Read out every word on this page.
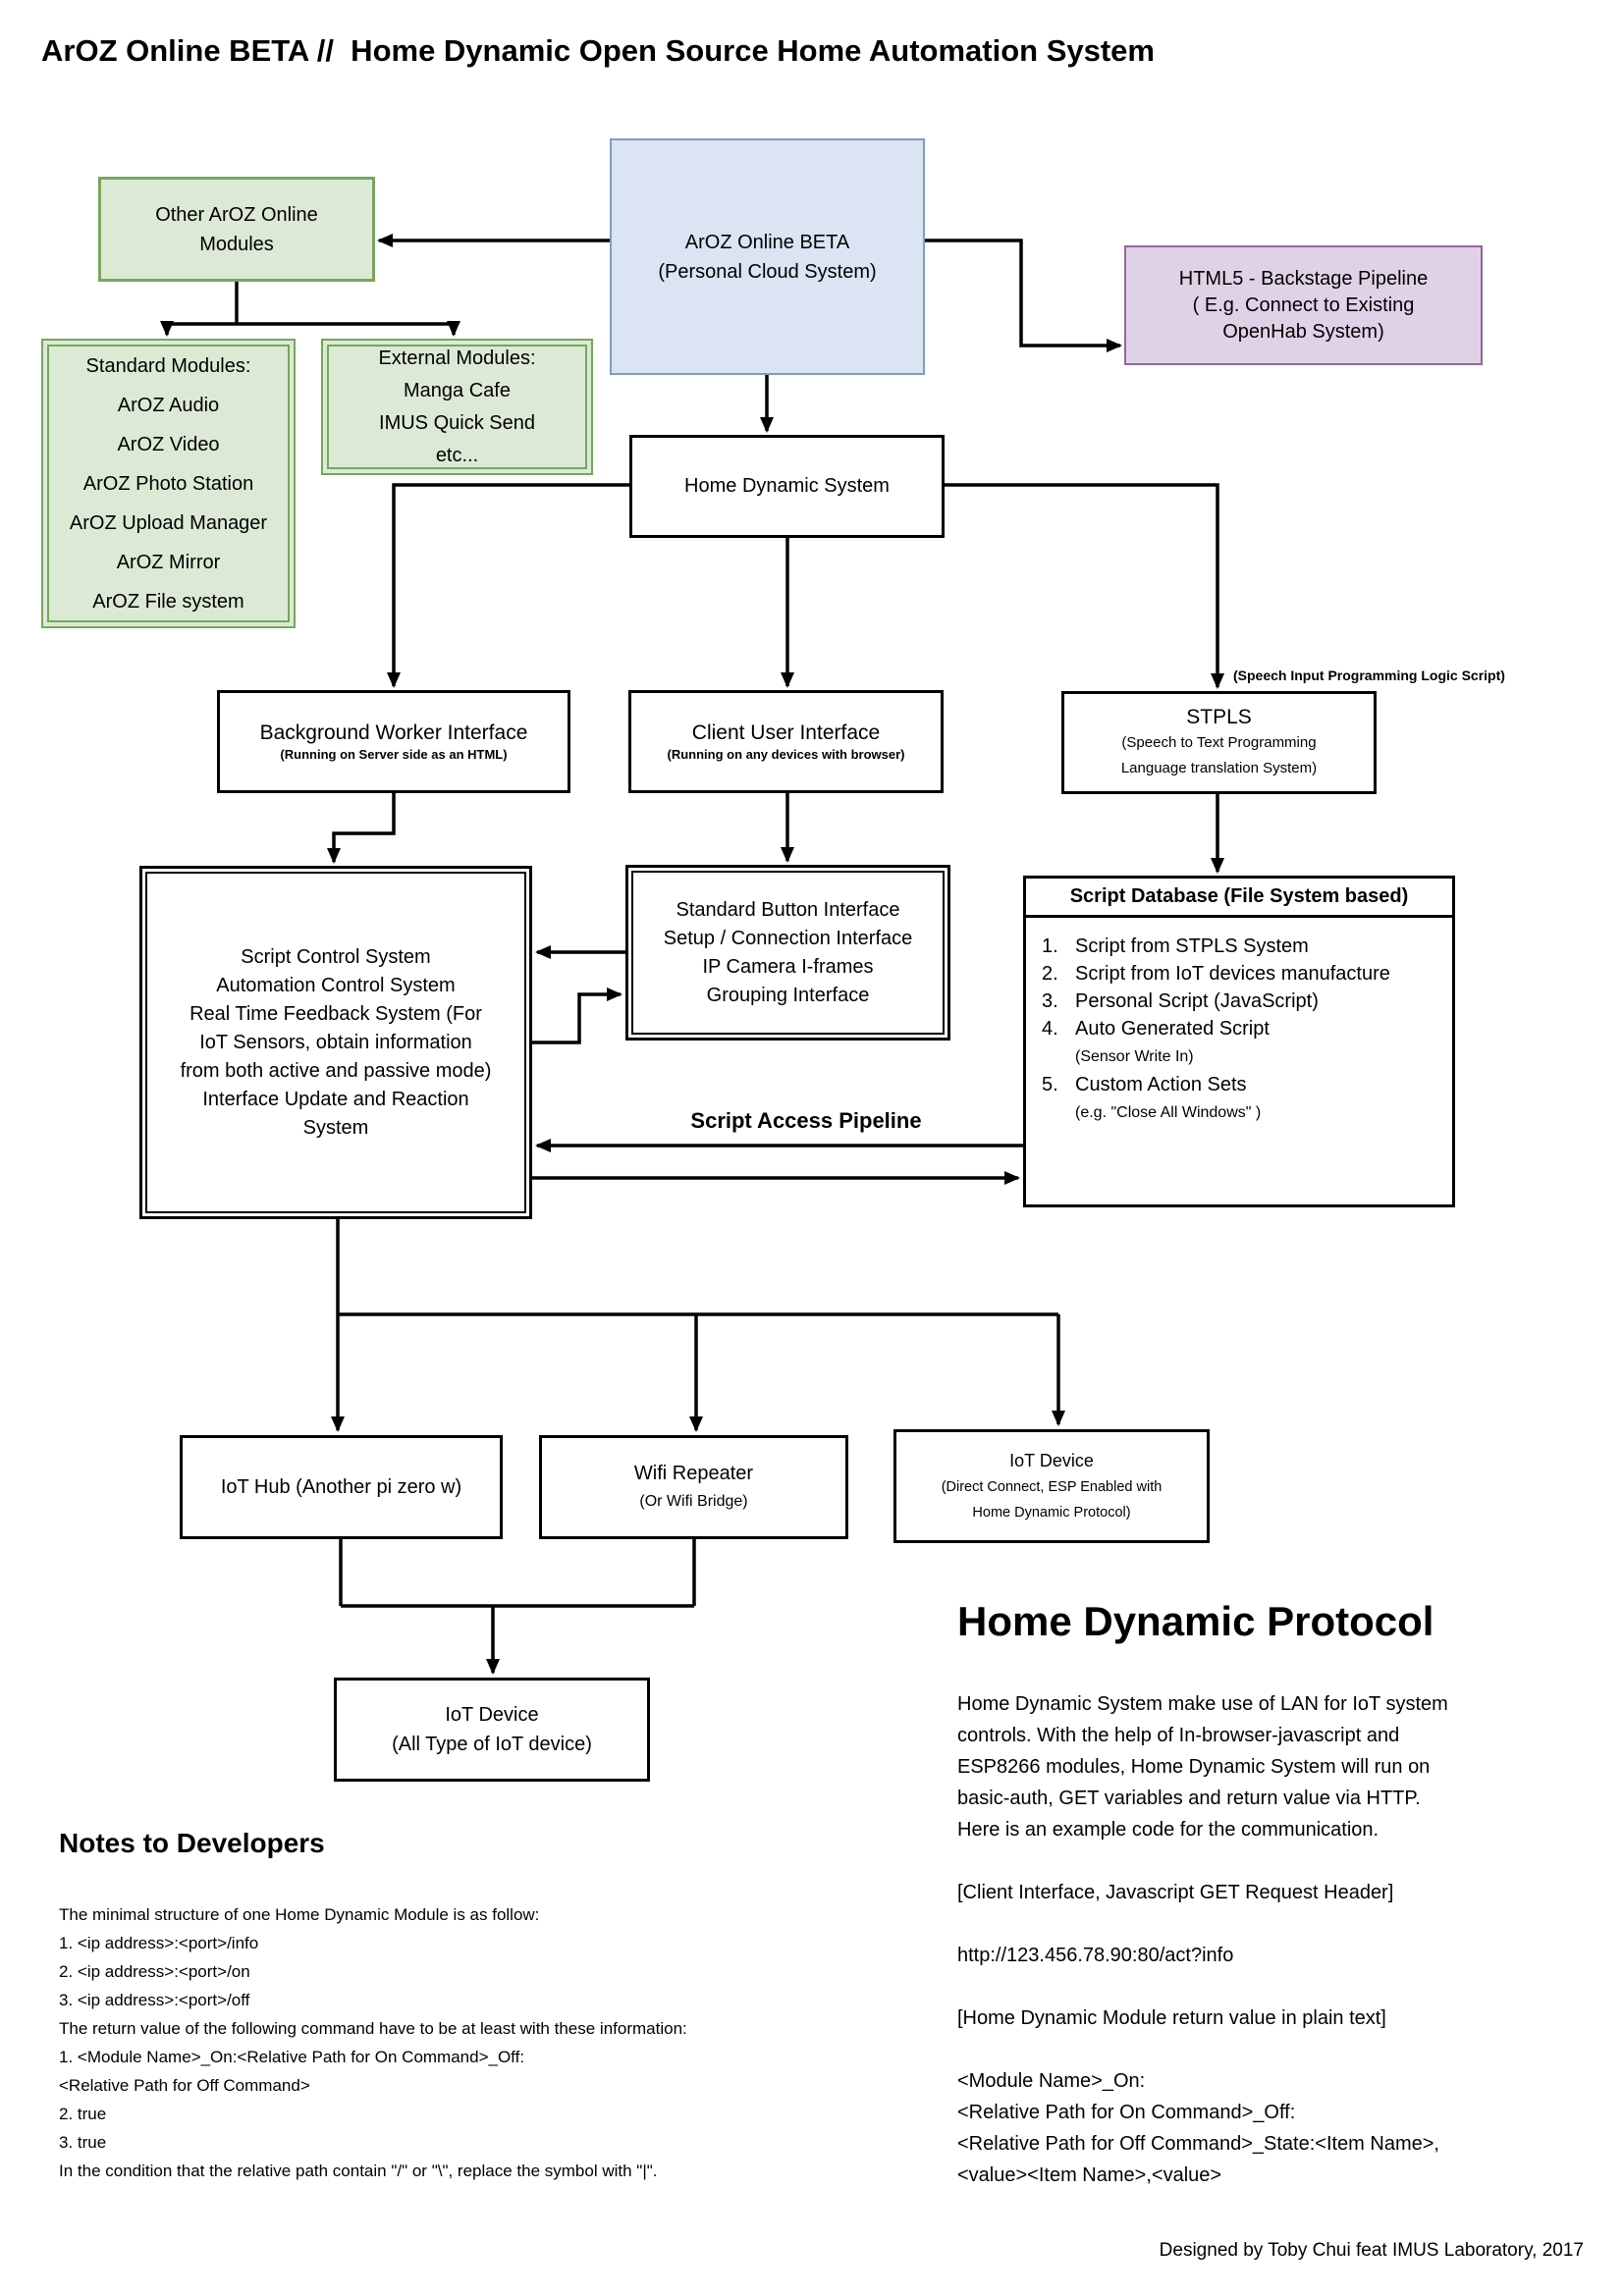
ArOZ Online BETA //  Home Dynamic Open Source Home Automation System
ArOZ Online BETA
(Personal Cloud System)
Other ArOZ Online
Modules
HTML5 - Backstage Pipeline
( E.g. Connect to Existing
OpenHab System)
Standard Modules:
ArOZ Audio
ArOZ Video
ArOZ Photo Station
ArOZ Upload Manager
ArOZ Mirror
ArOZ File system
External Modules:
Manga Cafe
IMUS Quick Send
etc...
Home Dynamic System
Background Worker Interface
(Running on Server side as an HTML)
Client User Interface
(Running on any devices with browser)
STPLS
(Speech to Text Programming
Language translation System)
(Speech Input Programming Logic Script)
Script Control System
Automation Control System
Real Time Feedback System (For
IoT Sensors, obtain information
from both active and passive mode)
Interface Update and Reaction
System
Standard Button Interface
Setup / Connection Interface
IP Camera I-frames
Grouping Interface
Script Database (File System based)
1. Script from STPLS System
2. Script from IoT devices manufacture
3. Personal Script (JavaScript)
4. Auto Generated Script
(Sensor Write In)
5. Custom Action Sets
(e.g. "Close All Windows" )
Script Access Pipeline
IoT Hub (Another pi zero w)
Wifi Repeater
(Or Wifi Bridge)
IoT Device
(Direct Connect, ESP Enabled with
Home Dynamic Protocol)
IoT Device
(All Type of IoT device)
Notes to Developers
The minimal structure of one Home Dynamic Module is as follow:
1. <ip address>:<port>/info
2. <ip address>:<port>/on
3. <ip address>:<port>/off
The return value of the following command have to be at least with these information:
1. <Module Name>_On:<Relative Path for On Command>_Off:
<Relative Path for Off Command>
2. true
3. true
In the condition that the relative path contain "/" or "\", replace the symbol with "|".
Home Dynamic Protocol
Home Dynamic System make use of LAN for IoT system
controls. With the help of In-browser-javascript and
ESP8266 modules, Home Dynamic System will run on
basic-auth, GET variables and return value via HTTP.
Here is an example code for the communication.

[Client Interface, Javascript GET Request Header]

http://123.456.78.90:80/act?info

[Home Dynamic Module return value in plain text]

<Module Name>_On:
<Relative Path for On Command>_Off:
<Relative Path for Off Command>_State:<Item Name>,
<value><Item Name>,<value>
Designed by Toby Chui feat IMUS Laboratory, 2017
